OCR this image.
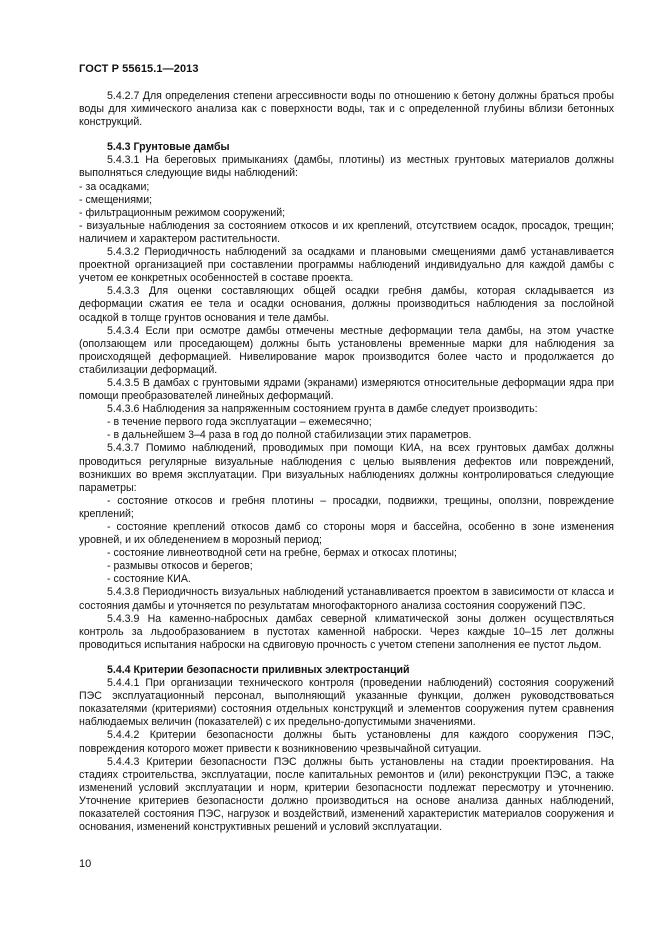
ГОСТ Р 55615.1—2013

5.4.2.7 Для определения степени агрессивности воды по отношению к бетону должны браться пробы воды для химического анализа как с поверхности воды, так и с определенной глубины вблизи бетонных конструкций.

5.4.3 Грунтовые дамбы

5.4.3.1 На береговых примыканиях (дамбы, плотины) из местных грунтовых материалов должны выполняться следующие виды наблюдений:

- за осадками;

- смещениями;

- фильтрационным режимом сооружений;

- визуальные наблюдения за состоянием откосов и их креплений, отсутствием осадок, просадок, трещин; наличием и характером растительности.

5.4.3.2 Периодичность наблюдений за осадками и плановыми смещениями дамб устанавливается проектной организацией при составлении программы наблюдений индивидуально для каждой дамбы с учетом ее конкретных особенностей в составе проекта.

5.4.3.3 Для оценки составляющих общей осадки гребня дамбы, которая складывается из деформации сжатия ее тела и осадки основания, должны производиться наблюдения за послойной осадкой в толще грунтов основания и теле дамбы.

5.4.3.4 Если при осмотре дамбы отмечены местные деформации тела дамбы, на этом участке (оползающем или проседающем) должны быть установлены временные марки для наблюдения за происходящей деформацией. Нивелирование марок производится более часто и продолжается до стабилизации деформаций.

5.4.3.5 В дамбах с грунтовыми ядрами (экранами) измеряются относительные деформации ядра при помощи преобразователей линейных деформаций.

5.4.3.6 Наблюдения за напряженным состоянием грунта в дамбе следует производить:

- в течение первого года эксплуатации – ежемесячно;

- в дальнейшем 3–4 раза в год до полной стабилизации этих параметров.

5.4.3.7 Помимо наблюдений, проводимых при помощи КИА, на всех грунтовых дамбах должны проводиться регулярные визуальные наблюдения с целью выявления дефектов или повреждений, возникших во время эксплуатации. При визуальных наблюдениях должны контролироваться следующие параметры:

- состояние откосов и гребня плотины – просадки, подвижки, трещины, оползни, повреждение креплений;

- состояние креплений откосов дамб со стороны моря и бассейна, особенно в зоне изменения уровней, и их обледенением в морозный период;

- состояние ливнеотводной сети на гребне, бермах и откосах плотины;

- размывы откосов и берегов;

- состояние КИА.

5.4.3.8 Периодичность визуальных наблюдений устанавливается проектом в зависимости от класса и состояния дамбы и уточняется по результатам многофакторного анализа состояния сооружений ПЭС.

5.4.3.9 На каменно-набросных дамбах северной климатической зоны должен осуществляться контроль за льдообразованием в пустотах каменной наброски. Через каждые 10–15 лет должны проводиться испытания наброски на сдвиговую прочность с учетом степени заполнения ее пустот льдом.

5.4.4 Критерии безопасности приливных электростанций

5.4.4.1 При организации технического контроля (проведении наблюдений) состояния сооружений ПЭС эксплуатационный персонал, выполняющий указанные функции, должен руководствоваться показателями (критериями) состояния отдельных конструкций и элементов сооружения путем сравнения наблюдаемых величин (показателей) с их предельно-допустимыми значениями.

5.4.4.2 Критерии безопасности должны быть установлены для каждого сооружения ПЭС, повреждения которого может привести к возникновению чрезвычайной ситуации.

5.4.4.3 Критерии безопасности ПЭС должны быть установлены на стадии проектирования. На стадиях строительства, эксплуатации, после капитальных ремонтов и (или) реконструкции ПЭС, а также изменений условий эксплуатации и норм, критерии безопасности подлежат пересмотру и уточнению. Уточнение критериев безопасности должно производиться на основе анализа данных наблюдений, показателей состояния ПЭС, нагрузок и воздействий, изменений характеристик материалов сооружения и основания, изменений конструктивных решений и условий эксплуатации.

10
